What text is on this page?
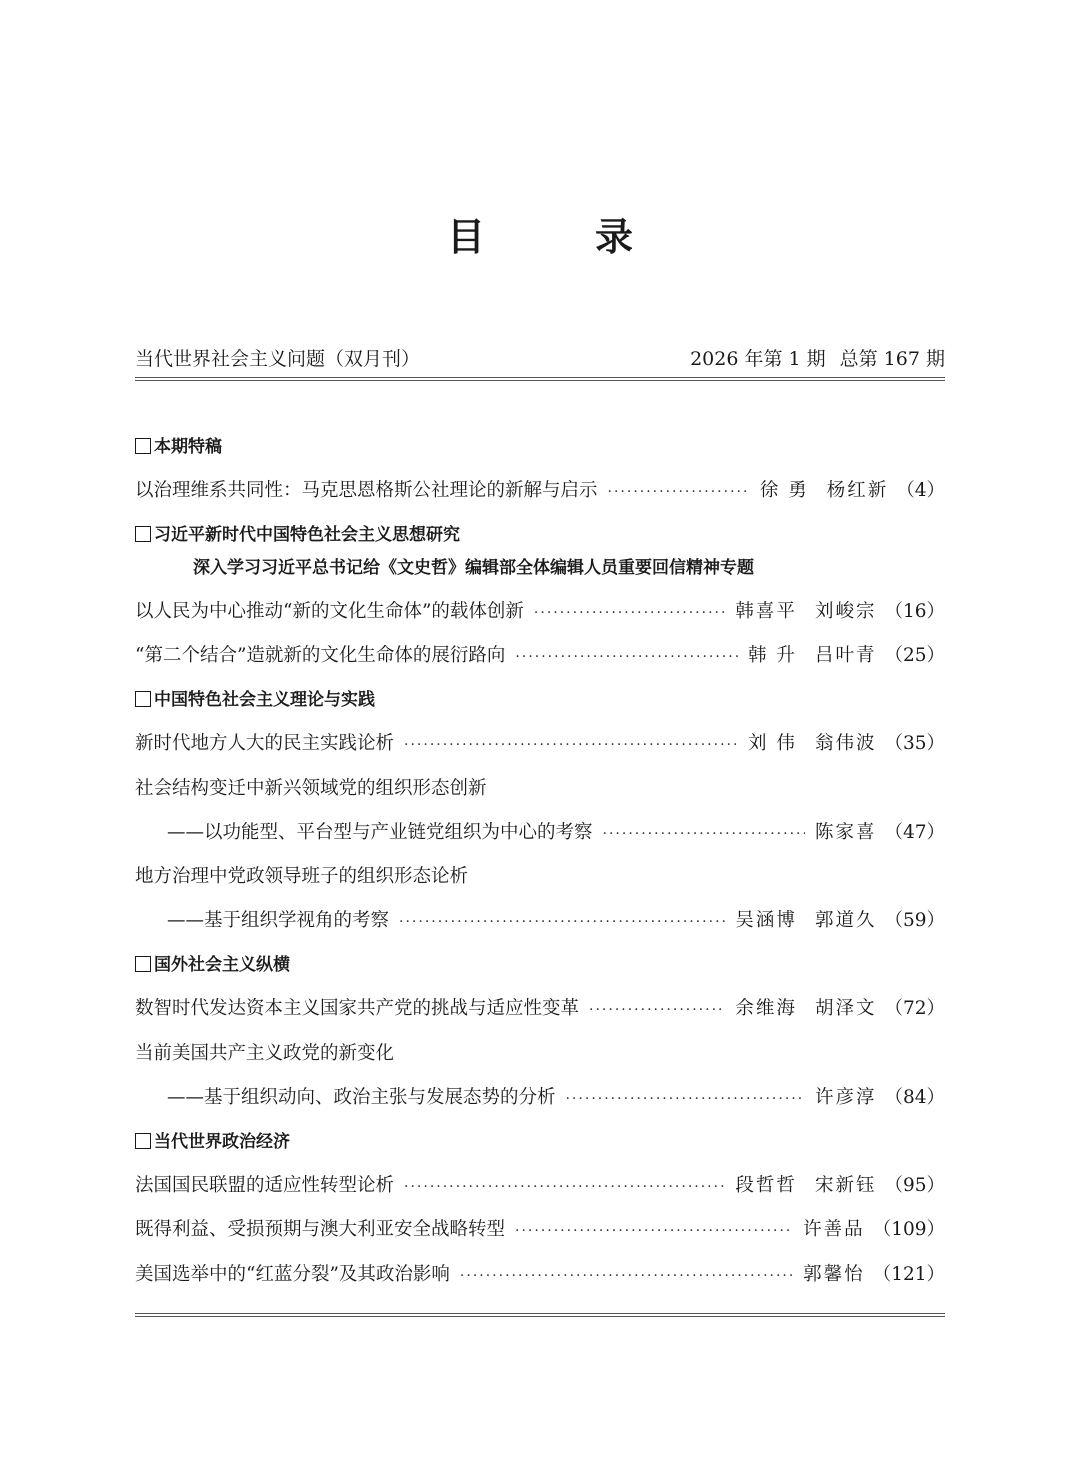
目	录
当代世界社会主义问题（双月刊）	2026 年第 1 期 总第 167 期
本期特稿
以治理维系共同性：马克思恩格斯公社理论的新解与启示 ·····	徐 勇 杨红新 （4）
习近平新时代中国特色社会主义思想研究
深入学习习近平总书记给《文史哲》编辑部全体编辑人员重要回信精神专题
以人民为中心推动“新的文化生命体”的载体创新 ·····	韩喜平 刘峻宗 （16）
“第二个结合”造就新的文化生命体的展衍路向 ·····	韩 升 吕叶青 （25）
中国特色社会主义理论与实践
新时代地方人大的民主实践论析 ·····	刘 伟 翁伟波 （35）
社会结构变迁中新兴领域党的组织形态创新
——以功能型、平台型与产业链党组织为中心的考察 ·····	陈家喜 （47）
地方治理中党政领导班子的组织形态论析
——基于组织学视角的考察 ·····	吴涵博 郭道久 （59）
国外社会主义纵横
数智时代发达资本主义国家共产党的挑战与适应性变革 ·····	余维海 胡泽文 （72）
当前美国共产主义政党的新变化
——基于组织动向、政治主张与发展态势的分析 ·····	许彦淳 （84）
当代世界政治经济
法国国民联盟的适应性转型论析 ·····	段哲哲 宋新钰 （95）
既得利益、受损预期与澳大利亚安全战略转型 ·····	许善品 （109）
美国选举中的“红蓝分裂”及其政治影响 ·····	郭馨怡 （121）
